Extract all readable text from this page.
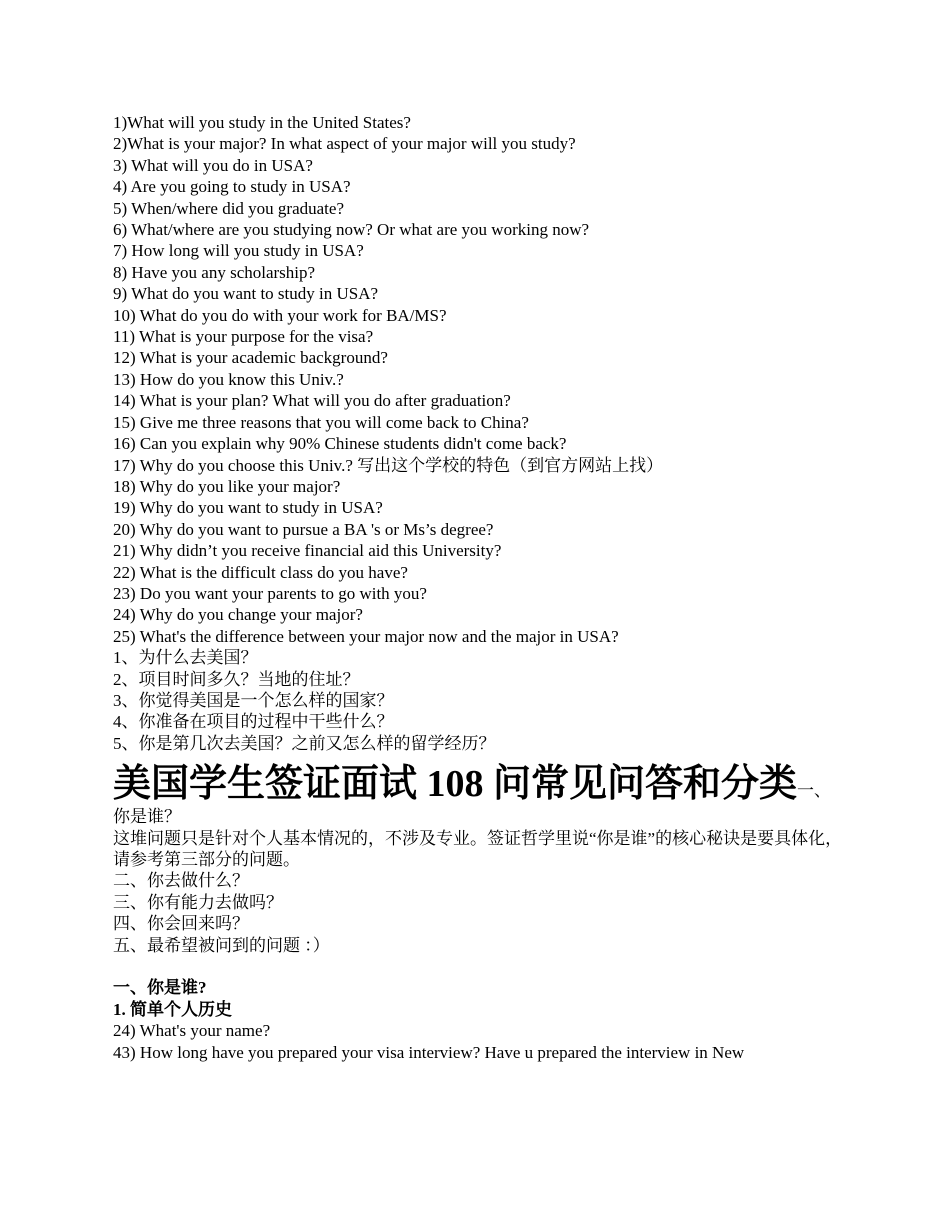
1)What will you study in the United States?
2)What is your major? In what aspect of your major will you study?
3) What will you do in USA?
4) Are you going to study in USA?
5) When/where did you graduate?
6) What/where are you studying now? Or what are you working now?
7) How long will you study in USA?
8) Have you any scholarship?
9) What do you want to study in USA?
10) What do you do with your work for BA/MS?
11) What is your purpose for the visa?
12) What is your academic background?
13) How do you know this Univ.?
14) What is your plan? What will you do after graduation?
15) Give me three reasons that you will come back to China?
16) Can you explain why 90% Chinese students didn't come back?
17) Why do you choose this Univ.? 写出这个学校的特色（到官方网站上找）
18) Why do you like your major?
19) Why do you want to study in USA?
20) Why do you want to pursue a BA 's or Ms’s degree?
21) Why didn’t you receive financial aid this University?
22) What is the difficult class do you have?
23) Do you want your parents to go with you?
24) Why do you change your major?
25) What's the difference between your major now and the major in USA?
1、为什么去美国？
2、项目时间多久？当地的住址？
3、你觉得美国是一个怎么样的国家？
4、你准备在项目的过程中干些什么？
5、你是第几次去美国？之前又怎么样的留学经历？
美国学生签证面试 108 问常见问答和分类一、你是谁？
这堆问题只是针对个人基本情况的，不涉及专业。签证哲学里说“你是谁”的核心秘诀是要具体化，请参考第三部分的问题。
二、你去做什么？
三、你有能力去做吗？
四、你会回来吗？
五、最希望被问到的问题 ：）
一、你是谁?
1. 简单个人历史
24) What's your name?
43) How long have you prepared your visa interview? Have u prepared the interview in New
